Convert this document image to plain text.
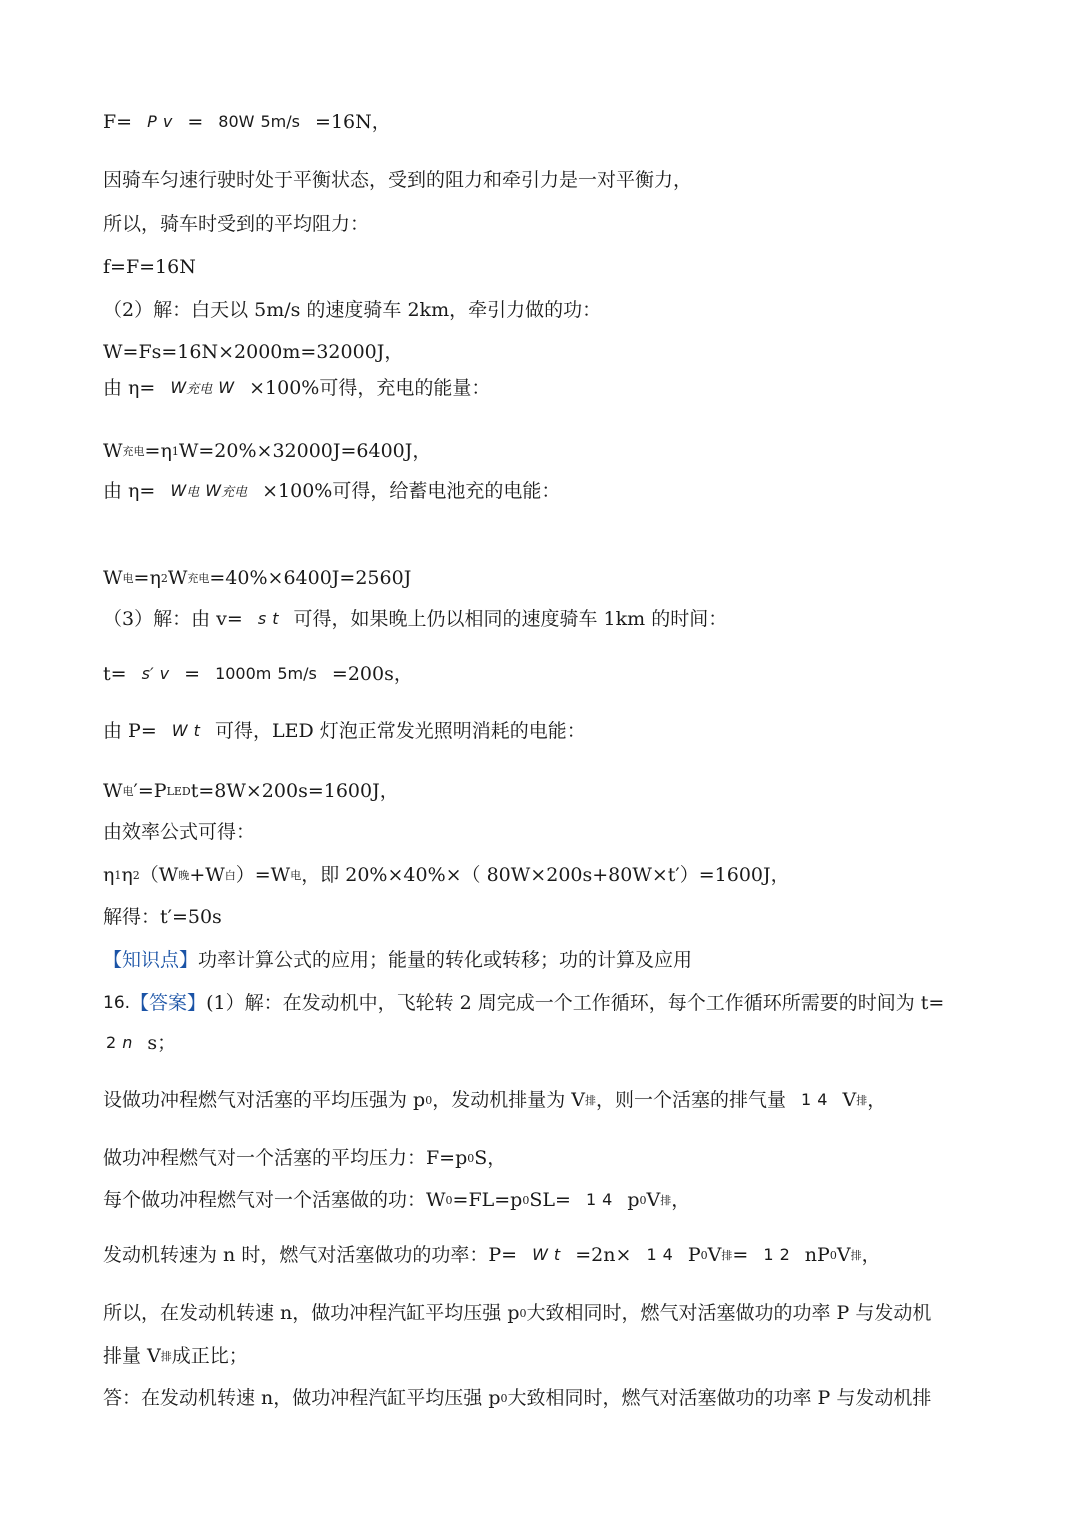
F= P v = 80W 5m/s =16N，
因骑车匀速行驶时处于平衡状态，受到的阻力和牵引力是一对平衡力，
所以，骑车时受到的平均阻力：
f=F=16N
（2）解：白天以 5m/s 的速度骑车 2km，牵引力做的功：
W=Fs=16N×2000m=32000J，
由 η= W充电 W ×100%可得，充电的能量：
W充电=η1W=20%×32000J=6400J，
由 η= W电 W充电 ×100%可得，给蓄电池充的电能：
W电=η2W充电=40%×6400J=2560J
（3）解：由 v= s t 可得，如果晚上仍以相同的速度骑车 1km 的时间：
t= s′ v = 1000m 5m/s =200s，
由 P= W t 可得，LED 灯泡正常发光照明消耗的电能：
W电′=PLEDt=8W×200s=1600J，
由效率公式可得：
η1η2（W晚+W白）=W电，即 20%×40%×（ 80W×200s+80W×t′）=1600J，
解得：t′=50s
【知识点】功率计算公式的应用；能量的转化或转移；功的计算及应用
16.【答案】(1）解：在发动机中，飞轮转 2 周完成一个工作循环，每个工作循环所需要的时间为 t=
2 n s；
设做功冲程燃气对活塞的平均压强为 p0，发动机排量为 V排，则一个活塞的排气量 1 4 V排，
做功冲程燃气对一个活塞的平均压力：F=p0S，
每个做功冲程燃气对一个活塞做的功：W0=FL=p0SL= 1 4 p0V排，
发动机转速为 n 时，燃气对活塞做功的功率：P= W t =2n× 1 4 P0V排= 1 2 nP0V排，
所以，在发动机转速 n，做功冲程汽缸平均压强 p0大致相同时，燃气对活塞做功的功率 P 与发动机
排量 V排成正比；
答：在发动机转速 n，做功冲程汽缸平均压强 p0大致相同时，燃气对活塞做功的功率 P 与发动机排
